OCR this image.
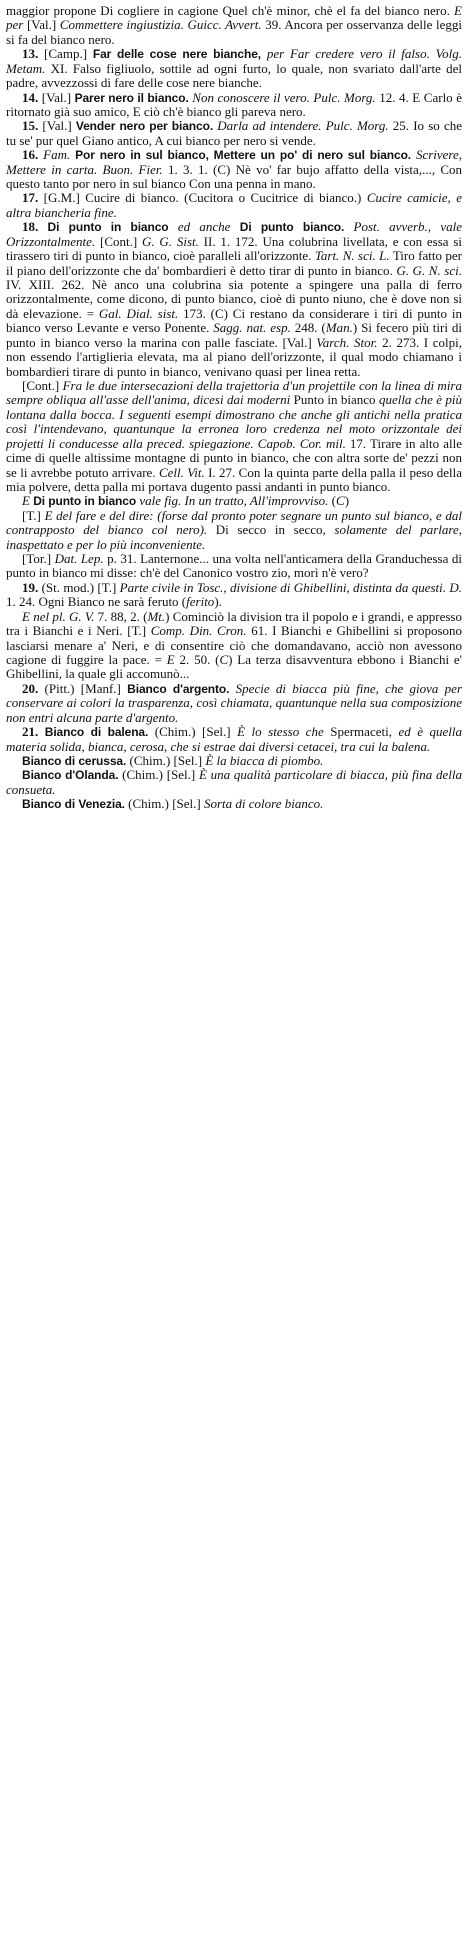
maggior propone Di cogliere in cagione Quel ch'è minor, chè el fa del bianco nero. E per [Val.] Commettere ingiustizia. Guicc. Avvert. 39. Ancora per osservanza delle leggi si fa del bianco nero.

13. [Camp.] Far delle cose nere bianche, per Far credere vero il falso. Volg. Metam. XI. Falso figliuolo, sottile ad ogni furto, lo quale, non svariato dall'arte del padre, avvezzossi di fare delle cose nere bianche.

14. [Val.] Parer nero il bianco. Non conoscere il vero. Pulc. Morg. 12. 4. E Carlo è ritornato già suo amico, E ciò ch'è bianco gli pareva nero.

15. [Val.] Vender nero per bianco. Darla ad intendere. Pulc. Morg. 25. Io so che tu se' pur quel Giano antico, A cui bianco per nero si vende.

16. Fam. Por nero in sul bianco, Mettere un po' di nero sul bianco. Scrivere, Mettere in carta. Buon. Fier. 1. 3. 1. (C) Nè vo' far bujo affatto della vista,..., Con questo tanto por nero in sul bianco Con una penna in mano.

17. [G.M.] Cucire di bianco. (Cucitora o Cucitrice di bianco.) Cucire camicie, e altra biancheria fine.

18. Di punto in bianco ed anche Di punto bianco. Post. avverb., vale Orizzontalmente. [Cont.] G. G. Sist. II. 1. 172. Una colubrina livellata, e con essa si tirassero tiri di punto in bianco, cioè paralleli all'orizzonte. Tart. N. sci. L. Tiro fatto per il piano dell'orizzonte che da' bombardieri è detto tirar di punto in bianco. G. G. N. sci. IV. XIII. 262. Nè anco una colubrina sia potente a spingere una palla di ferro orizzontalmente, come dicono, di punto bianco, cioè di punto niuno, che è dove non si dà elevazione. = Gal. Dial. sist. 173. (C) Ci restano da considerare i tiri di punto in bianco verso Levante e verso Ponente. Sagg. nat. esp. 248. (Man.) Si fecero più tiri di punto in bianco verso la marina con palle fasciate. [Val.] Varch. Stor. 2. 273. I colpi, non essendo l'artiglieria elevata, ma al piano dell'orizzonte, il qual modo chiamano i bombardieri tirare di punto in bianco, venivano quasi per linea retta.

[Cont.] Fra le due intersecazioni della trajettoria d'un projettile con la linea di mira sempre obliqua all'asse dell'anima, dicesi dai moderni Punto in bianco quella che è più lontana dalla bocca. I seguenti esempi dimostrano che anche gli antichi nella pratica così l'intendevano, quantunque la erronea loro credenza nel moto orizzontale dei projetti li conducesse alla preced. spiegazione. Capob. Cor. mil. 17. Tirare in alto alle cime di quelle altissime montagne di punto in bianco, che con altra sorte de' pezzi non se li avrebbe potuto arrivare. Cell. Vit. I. 27. Con la quinta parte della palla il peso della mia polvere, detta palla mi portava dugento passi andanti in punto bianco.

E Di punto in bianco vale fig. In un tratto, All'improvviso. (C)

[T.] E del fare e del dire: (forse dal pronto poter segnare un punto sul bianco, e dal contrapposto del bianco col nero). Di secco in secco, solamente del parlare, inaspettato e per lo più inconveniente.

[Tor.] Dat. Lep. p. 31. Lanternone... una volta nell'anticamera della Granduchessa di punto in bianco mi disse: ch'è del Canonico vostro zio, morì n'è vero?

19. (St. mod.) [T.] Parte civile in Tosc., divisione di Ghibellini, distinta da questi. D. 1. 24. Ogni Bianco ne sarà feruto (ferito).

E nel pl. G. V. 7. 88, 2. (Mt.) Cominciò la division tra il popolo e i grandi, e appresso tra i Bianchi e i Neri. [T.] Comp. Din. Cron. 61. I Bianchi e Ghibellini si proposono lasciarsi menare a' Neri, e di consentire ciò che domandavano, acciò non avessono cagione di fuggire la pace. = E 2. 50. (C) La terza disavventura ebbono i Bianchi e' Ghibellini, la quale gli accomunò...

20. (Pitt.) [Manf.] Bianco d'argento. Specie di biacca più fine, che giova per conservare ai colori la trasparenza, così chiamata, quantunque nella sua composizione non entri alcuna parte d'argento.

21. Bianco di balena. (Chim.) [Sel.] È lo stesso che Spermaceti, ed è quella materia solida, bianca, cerosa, che si estrae dai diversi cetacei, tra cui la balena.

Bianco di cerussa. (Chim.) [Sel.] È la biacca di piombo.

Bianco d'Olanda. (Chim.) [Sel.] È una qualità particolare di biacca, più fina della consueta.

Bianco di Venezia. (Chim.) [Sel.] Sorta di colore bianco.
